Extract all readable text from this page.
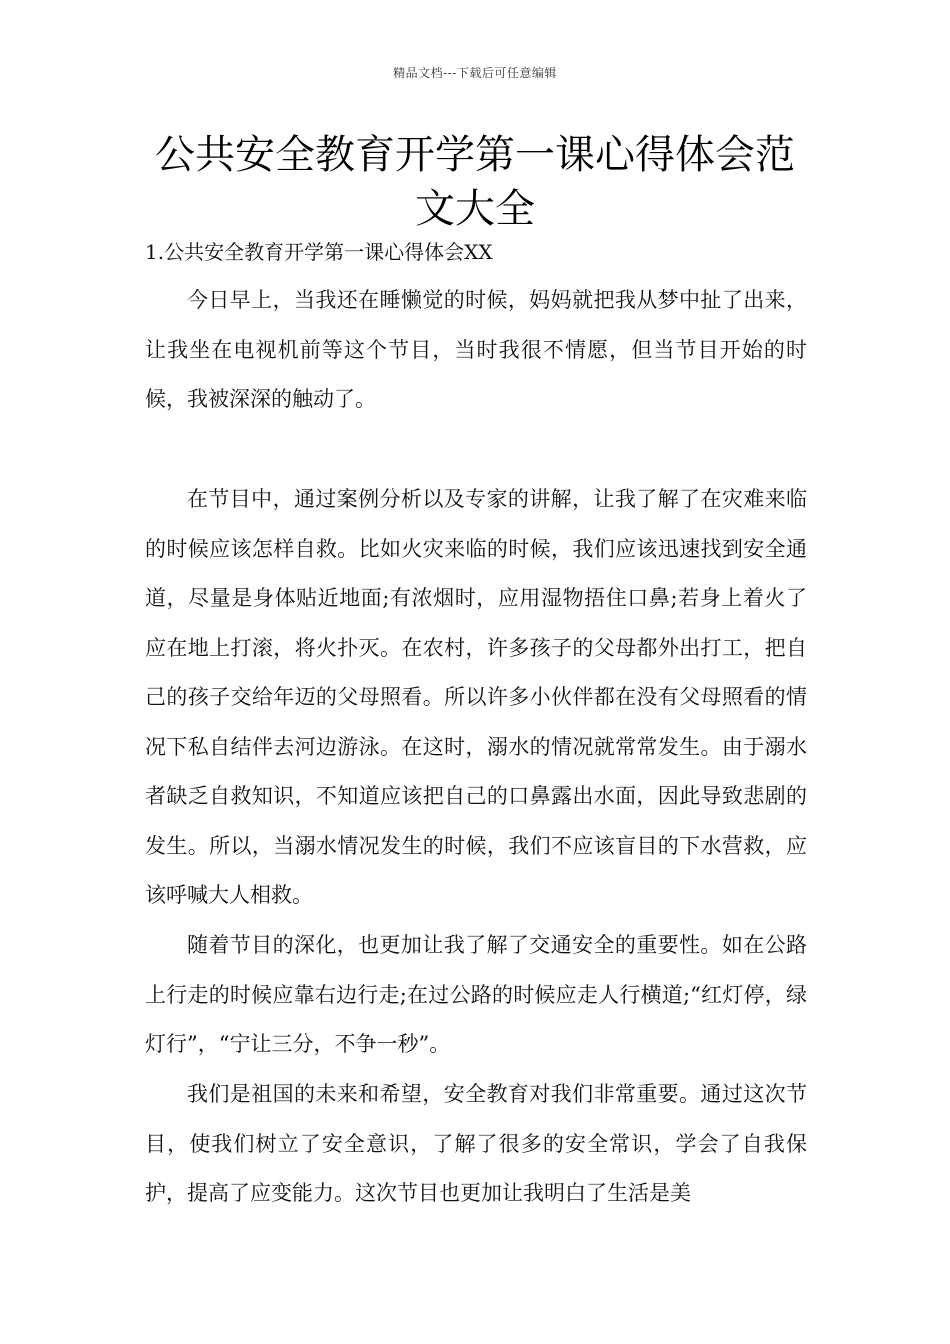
精品文档---下载后可任意编辑
公共安全教育开学第一课心得体会范文大全

1.公共安全教育开学第一课心得体会XX

今日早上，当我还在睡懒觉的时候，妈妈就把我从梦中扯了出来，让我坐在电视机前等这个节目，当时我很不情愿，但当节目开始的时候，我被深深的触动了。

在节目中，通过案例分析以及专家的讲解，让我了解了在灾难来临的时候应该怎样自救。比如火灾来临的时候，我们应该迅速找到安全通道，尽量是身体贴近地面;有浓烟时，应用湿物捂住口鼻;若身上着火了应在地上打滚，将火扑灭。在农村，许多孩子的父母都外出打工，把自己的孩子交给年迈的父母照看。所以许多小伙伴都在没有父母照看的情况下私自结伴去河边游泳。在这时，溺水的情况就常常发生。由于溺水者缺乏自救知识，不知道应该把自己的口鼻露出水面，因此导致悲剧的发生。所以，当溺水情况发生的时候，我们不应该盲目的下水营救，应该呼喊大人相救。

随着节目的深化，也更加让我了解了交通安全的重要性。如在公路上行走的时候应靠右边行走;在过公路的时候应走人行横道;“红灯停，绿灯行”，“宁让三分，不争一秒”。

我们是祖国的未来和希望，安全教育对我们非常重要。通过这次节目，使我们树立了安全意识，了解了很多的安全常识，学会了自我保护，提高了应变能力。这次节目也更加让我明白了生活是美
